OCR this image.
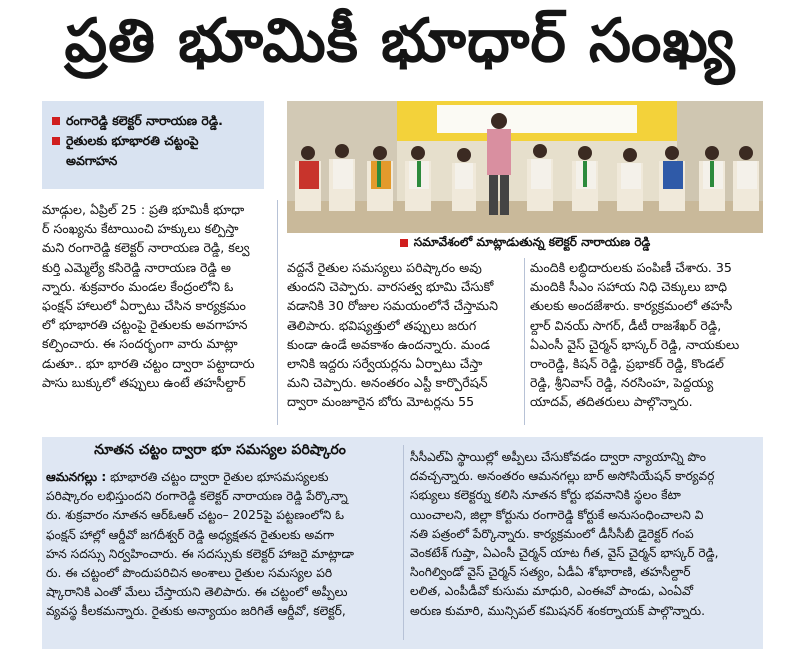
ప్రతి భూమికీ భూధార్ సంఖ్య
రంగారెడ్డి కలెక్టర్ నారాయణ రెడ్డి.
రైతులకు భూభారతి చట్టంపై అవగాహన
సమావేశంలో మాట్లాడుతున్న కలెక్టర్ నారాయణ రెడ్డి

మాడ్గుల, ఏప్రిల్ 25 : ప్రతి భూమికీ భూధా

ర్ సంఖ్యను కేటాయించి హక్కులు కల్పిస్తా

మని రంగారెడ్డి కలెక్టర్ నారాయణ రెడ్డి, కల్వ

కుర్తి ఎమ్మెల్యే కసిరెడ్డి నారాయణ రెడ్డి అ

న్నారు. శుక్రవారం మండల కేంద్రంలోని ఓ

ఫంక్షన్ హాలులో ఏర్పాటు చేసిన కార్యక్రమం

లో భూభారతి చట్టంపై రైతులకు అవగాహన

కల్పించారు. ఈ సందర్భంగా వారు మాట్లా

డుతూ.. భూ భారతి చట్టం ద్వారా పట్టాదారు

పాసు బుక్కులో తప్పులు ఉంటే తహసీల్దార్

వద్దనే రైతుల సమస్యలు పరిష్కారం అవు

తుందని చెప్పారు. వారసత్వ భూమి చేసుకో

వడానికి 30 రోజుల సమయంలోనే చేస్తామని

తెలిపారు. భవిష్యత్తులో తప్పులు జరుగ

కుండా ఉండే అవకాశం ఉందన్నారు. మండ

లానికి ఇద్దరు సర్వేయర్లను ఏర్పాటు చేస్తా

మని చెప్పారు. అనంతరం ఎస్టీ కార్పొరేషన్

ద్వారా మంజూరైన బోరు మోటర్లను 55

మందికి లబ్ధిదారులకు పంపిణీ చేశారు. 35

మందికి సీఎం సహాయ నిధి చెక్కులు బాధి

తులకు అందజేశారు. కార్యక్రమంలో తహసీ

ల్దార్ వినయ్ సాగర్, డీటీ రాజశేఖర్ రెడ్డి,

ఏఎంసీ వైస్ చైర్మన్ భాస్కర్ రెడ్డి, నాయకులు

రాంరెడ్డి, కిషన్ రెడ్డి, ప్రభాకర్ రెడ్డి, కొండల్

రెడ్డి, శ్రీనివాస్ రెడ్డి, నరసింహ, పెద్దయ్య

యాదవ్, తదితరులు పాల్గొన్నారు.

నూతన చట్టం ద్వారా భూ సమస్యల పరిష్కారం

ఆమనగల్లు : భూభారతి చట్టం ద్వారా రైతుల భూసమస్యలకు

పరిష్కారం లభిస్తుందని రంగారెడ్డి కలెక్టర్ నారాయణ రెడ్డి పేర్కొన్నా

రు. శుక్రవారం నూతన ఆర్ఓఆర్ చట్టం– 2025పై పట్టణంలోని ఓ

ఫంక్షన్ హాల్లో ఆర్డీవో జగదీశ్వర్ రెడ్డి అధ్యక్షతన రైతులకు అవగా

హన సదస్సు నిర్వహించారు. ఈ సదస్సుకు కలెక్టర్ హాజరై మాట్లాడా

రు. ఈ చట్టంలో పొందుపరిచిన అంశాలు రైతుల సమస్యల పరి

ష్కారానికి ఎంతో మేలు చేస్తాయని తెలిపారు. ఈ చట్టంలో అప్పీలు

వ్యవస్థ కీలకమన్నారు. రైతుకు అన్యాయం జరిగితే ఆర్డీవో, కలెక్టర్,

సీసీఎల్ఏ స్థాయిల్లో అప్పీలు చేసుకోవడం ద్వారా న్యాయాన్ని పొం

దవచ్చన్నారు. అనంతరం ఆమనగల్లు బార్ అసోసియేషన్ కార్యవర్గ

సభ్యులు కలెక్టర్ను కలిసి నూతన కోర్టు భవనానికి స్థలం కేటా

యించాలని, జిల్లా కోర్టును రంగారెడ్డి కోర్టుకే అనుసంధించాలని వి

నతి పత్రంలో పేర్కొన్నారు. కార్యక్రమంలో డీసీసీబీ డైరెక్టర్ గంప

వెంకటేశ్ గుప్తా, ఏఎంసీ చైర్మన్ యాట గీత, వైస్ చైర్మన్ భాస్కర్ రెడ్డి,

సింగిల్విండో వైస్ చైర్మన్ సత్యం, ఏడీఏ శోభారాణి, తహసీల్దార్

లలిత, ఎంపీడీవో కుసుమ మాధురి, ఎంఈవో పాండు, ఎంఏవో

అరుణ కుమారి, మున్సిపల్ కమిషనర్ శంకర్నాయక్ పాల్గొన్నారు.
